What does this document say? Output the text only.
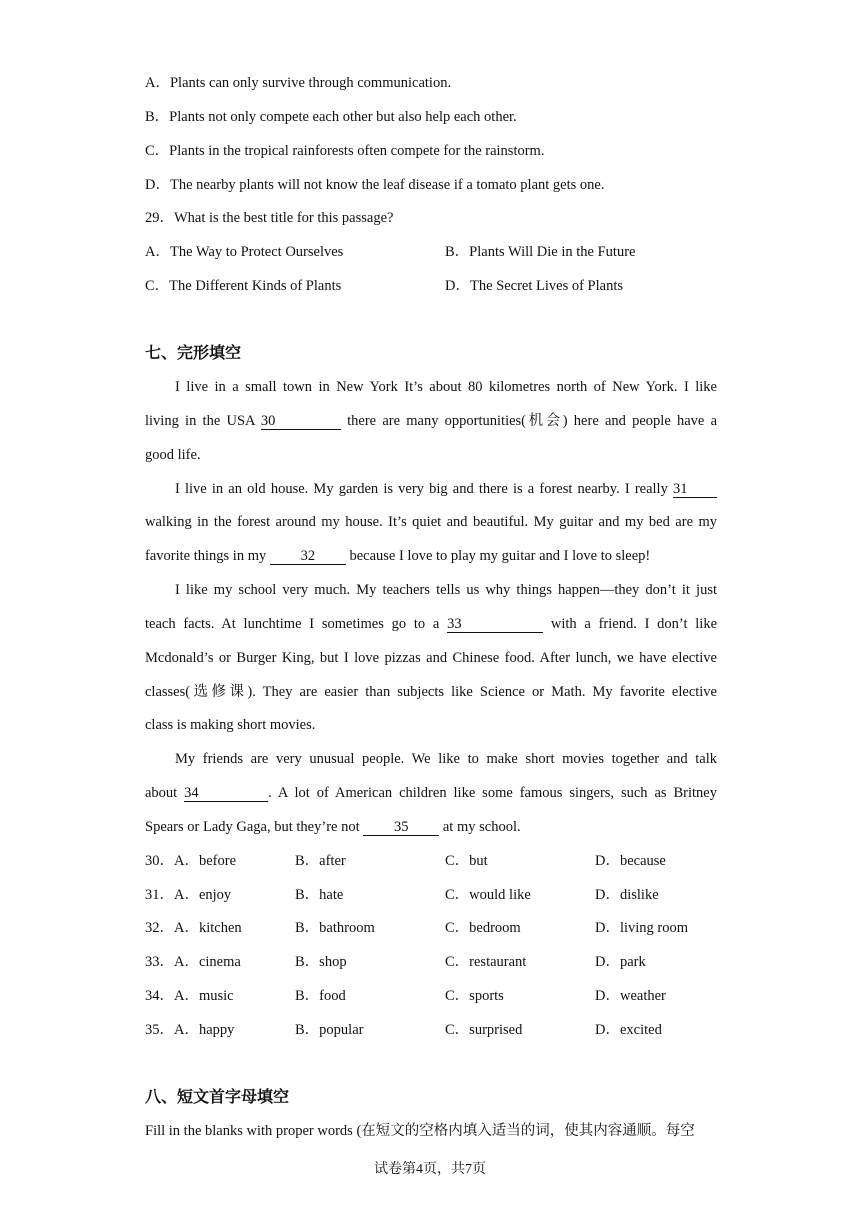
A．Plants can only survive through communication.
B．Plants not only compete each other but also help each other.
C．Plants in the tropical rainforests often compete for the rainstorm.
D．The nearby plants will not know the leaf disease if a tomato plant gets one.
29．What is the best title for this passage?
A．The Way to Protect Ourselves	B．Plants Will Die in the Future
C．The Different Kinds of Plants	D．The Secret Lives of Plants
七、完形填空
I live in a small town in New York It’s about 80 kilometres north of New York. I like
living in the USA 30	there are many opportunities(机会) here and people have a
good life.
I live in an old house. My garden is very big and there is a forest nearby. I really 31
walking in the forest around my house. It’s quiet and beautiful. My guitar and my bed are my
favorite things in my 32 because I love to play my guitar and I love to sleep!
I like my school very much. My teachers tells us why things happen—they don’t it just
teach facts. At lunchtime I sometimes go to a 33	with a friend. I don’t like
Mcdonald’s or Burger King, but I love pizzas and Chinese food. After lunch, we have elective
classes(选修课). They are easier than subjects like Science or Math. My favorite elective
class is making short movies.
My friends are very unusual people. We like to make short movies together and talk
about 34	. A lot of American children like some famous singers, such as Britney
Spears or Lady Gaga, but they’re not 35 at my school.
30．A．before	B．after	C．but	D．because
31．A．enjoy	B．hate	C．would like	D．dislike
32．A．kitchen	B．bathroom	C．bedroom	D．living room
33．A．cinema	B．shop	C．restaurant	D．park
34．A．music	B．food	C．sports	D．weather
35．A．happy	B．popular	C．surprised	D．excited
八、短文首字母填空
Fill in the blanks with proper words (在短文的空格内填入适当的词，使其内容通顺。每空
试卷第4页，共7页
